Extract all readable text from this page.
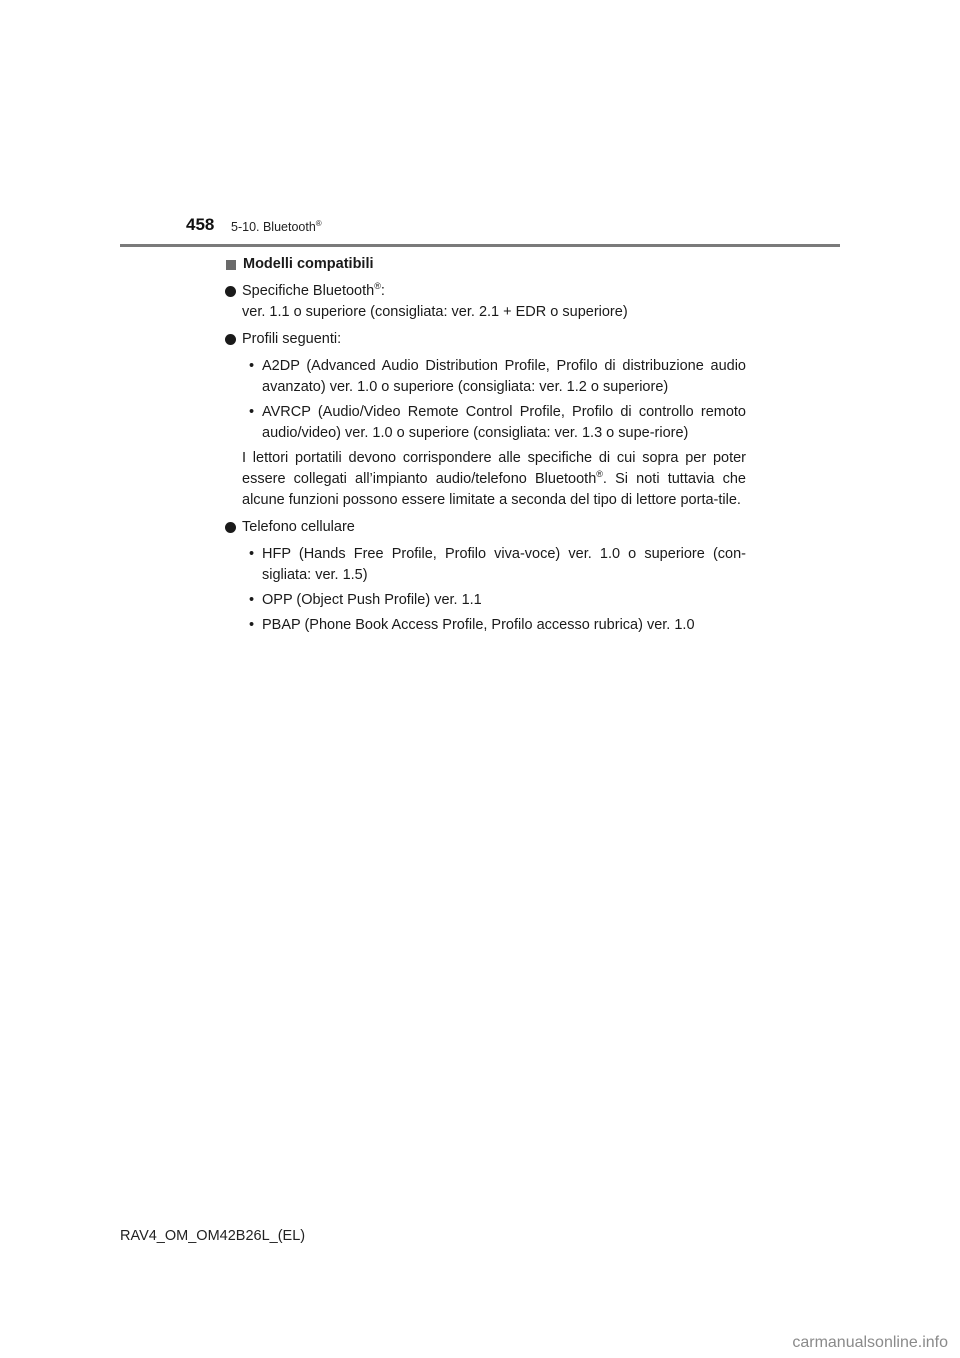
458 5-10. Bluetooth®
Modelli compatibili
Specifiche Bluetooth®:
ver. 1.1 o superiore (consigliata: ver. 2.1 + EDR o superiore)
Profili seguenti:
• A2DP (Advanced Audio Distribution Profile, Profilo di distribuzione audio avanzato) ver. 1.0 o superiore (consigliata: ver. 1.2 o superiore)
• AVRCP (Audio/Video Remote Control Profile, Profilo di controllo remoto audio/video) ver. 1.0 o superiore (consigliata: ver. 1.3 o supe-riore)

I lettori portatili devono corrispondere alle specifiche di cui sopra per poter essere collegati all’impianto audio/telefono Bluetooth®. Si noti tuttavia che alcune funzioni possono essere limitate a seconda del tipo di lettore porta-tile.

Telefono cellulare
• HFP (Hands Free Profile, Profilo viva-voce) ver. 1.0 o superiore (con-sigliata: ver. 1.5)
• OPP (Object Push Profile) ver. 1.1
• PBAP (Phone Book Access Profile, Profilo accesso rubrica) ver. 1.0
RAV4_OM_OM42B26L_(EL)
carmanualsonline.info
